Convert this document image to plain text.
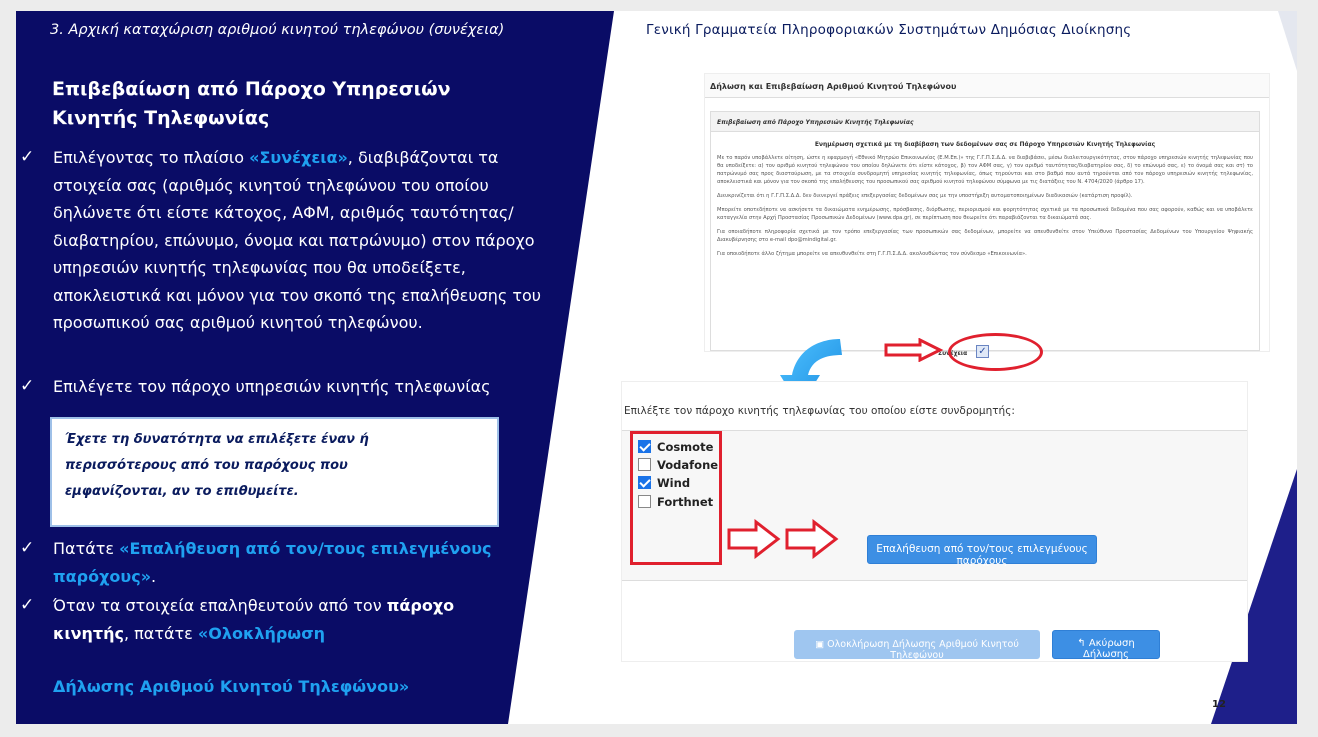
3. Αρχική καταχώριση αριθμού κινητού τηλεφώνου (συνέχεια)
Επιβεβαίωση από Πάροχο Υπηρεσιών Κινητής Τηλεφωνίας
✓ Επιλέγοντας το πλαίσιο «Συνέχεια», διαβιβάζονται τα στοιχεία σας (αριθμός κινητού τηλεφώνου του οποίου δηλώνετε ότι είστε κάτοχος, ΑΦΜ, αριθμός ταυτότητας/διαβατηρίου, επώνυμο, όνομα και πατρώνυμο) στον πάροχο υπηρεσιών κινητής τηλεφωνίας που θα υποδείξετε, αποκλειστικά και μόνον για τον σκοπό της επαλήθευσης του προσωπικού σας αριθμού κινητού τηλεφώνου.
✓ Επιλέγετε τον πάροχο υπηρεσιών κινητής τηλεφωνίας
Έχετε τη δυνατότητα να επιλέξετε έναν ή
περισσότερους από του παρόχους που
εμφανίζονται, αν το επιθυμείτε.
✓ Πατάτε «Επαλήθευση από τον/τους επιλεγμένους παρόχους».
✓ Όταν τα στοιχεία επαληθευτούν από τον πάροχο κινητής, πατάτε «Ολοκλήρωση
Δήλωσης Αριθμού Κινητού Τηλεφώνου»
Γενική Γραμματεία Πληροφοριακών Συστημάτων Δημόσιας Διοίκησης
Δήλωση και Επιβεβαίωση Αριθμού Κινητού Τηλεφώνου
Επιβεβαίωση από Πάροχο Υπηρεσιών Κινητής Τηλεφωνίας
Ενημέρωση σχετικά με τη διαβίβαση των δεδομένων σας σε Πάροχο Υπηρεσιών Κινητής Τηλεφωνίας
Με το παρόν υποβάλλετε αίτηση, ώστε η εφαρμογή «Εθνικό Μητρώο Επικοινωνίας (Ε.Μ.Επ.)» της Γ.Γ.Π.Σ.Δ.Δ. να διαβιβάσει, μέσω διαλειτουργικότητας, στον πάροχο υπηρεσιών κινητής τηλεφωνίας που θα υποδείξετε: α) τον αριθμό κινητού τηλεφώνου του οποίου δηλώνετε ότι είστε κάτοχος, β) τον ΑΦΜ σας, γ) τον αριθμό ταυτότητας/διαβατηρίου σας, δ) το επώνυμό σας, ε) το όνομά σας και στ) το πατρώνυμό σας προς διασταύρωση, με τα στοιχεία συνδρομητή υπηρεσίας κινητής τηλεφωνίας, όπως τηρούνται και στο βαθμό που αυτά τηρούνται από τον πάροχο υπηρεσιών κινητής τηλεφωνίας, αποκλειστικά και μόνον για τον σκοπό της επαλήθευσης του προσωπικού σας αριθμού κινητού τηλεφώνου σύμφωνα με τις διατάξεις του Ν. 4704/2020 (άρθρο 17).
Διευκρινίζεται ότι η Γ.Γ.Π.Σ.Δ.Δ. δεν διενεργεί πράξεις επεξεργασίας δεδομένων σας με την υποστήριξη αυτοματοποιημένων διαδικασιών (κατάρτιση προφίλ).
Μπορείτε οποτεδήποτε να ασκήσετε τα δικαιώματα ενημέρωσης, πρόσβασης, διόρθωσης, περιορισμού και φορητότητας σχετικά με τα προσωπικά δεδομένα που σας αφορούν, καθώς και να υποβάλετε καταγγελία στην Αρχή Προστασίας Προσωπικών Δεδομένων (www.dpa.gr), σε περίπτωση που θεωρείτε ότι παραβιάζονται τα δικαιώματά σας.
Για οποιαδήποτε πληροφορία σχετικά με τον τρόπο επεξεργασίας των προσωπικών σας δεδομένων, μπορείτε να απευθυνθείτε στον Υπεύθυνο Προστασίας Δεδομένων του Υπουργείου Ψηφιακής Διακυβέρνησης στο e-mail dpo@mindigital.gr.
Για οποιοδήποτε άλλο ζήτημα μπορείτε να απευθυνθείτε στη Γ.Γ.Π.Σ.Δ.Δ. ακολουθώντας τον σύνδεσμο «Επικοινωνία».
Συνέχεια ✓
Επιλέξτε τον πάροχο κινητής τηλεφωνίας του οποίου είστε συνδρομητής:
Cosmote
Vodafone
Wind
Forthnet
Επαλήθευση από τον/τους επιλεγμένους παρόχους
▣ Ολοκλήρωση Δήλωσης Αριθμού Κινητού Τηλεφώνου
↰ Ακύρωση Δήλωσης
12
